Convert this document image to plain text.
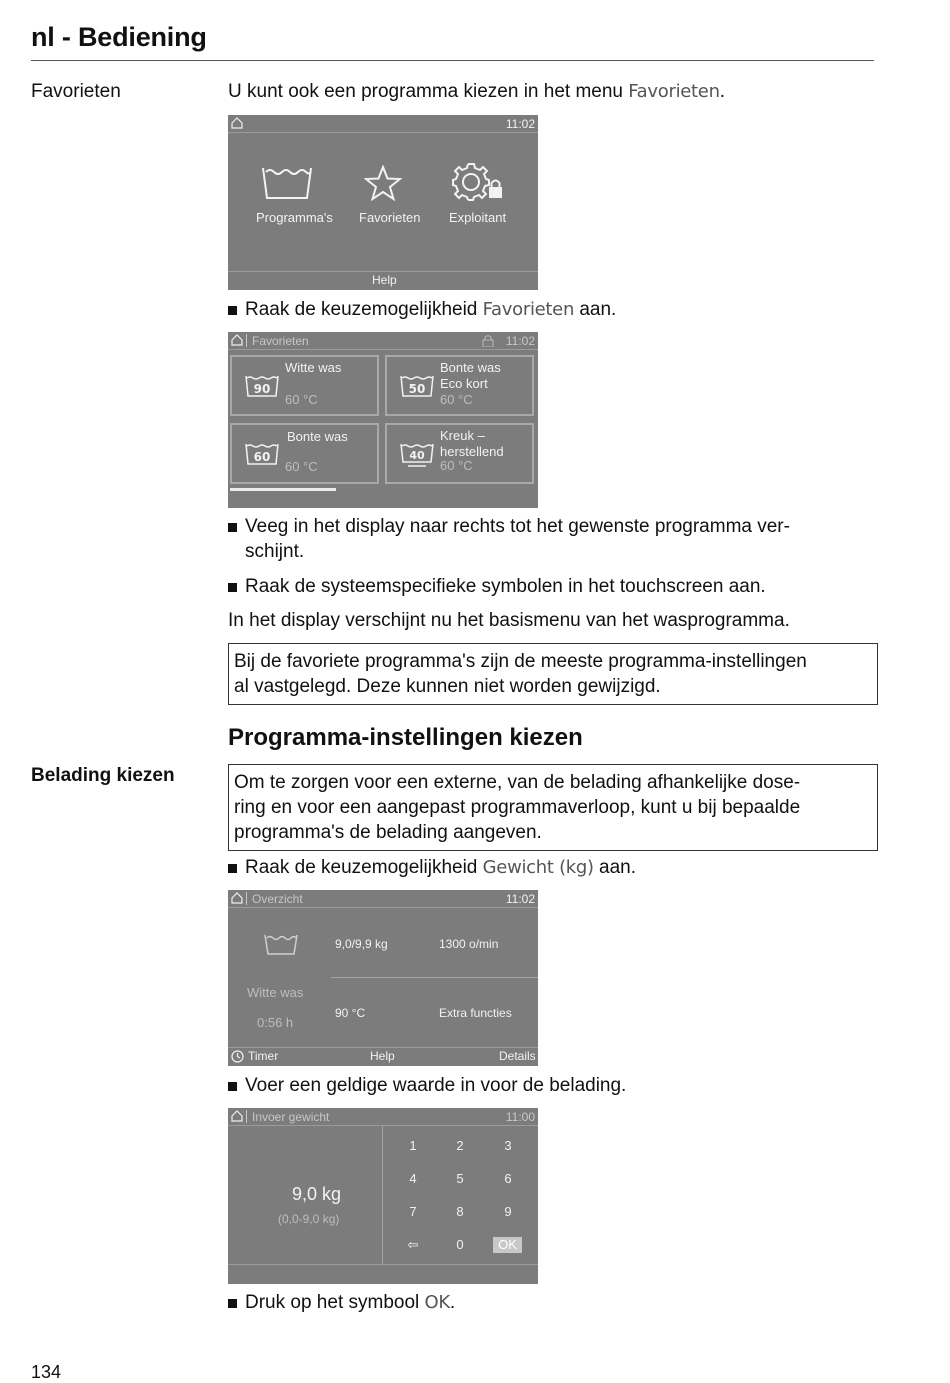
nl - Bediening
Favorieten	U kunt ook een programma kiezen in het menu Favorieten.
11:02
Programma's Favorieten Exploitant
Help
Raak de keuzemogelijkheid Favorieten aan.
Favorieten	11:02
90
Witte was
60 °C
50
Bonte was
Eco kort
60 °C
60
Bonte was
60 °C
40
Kreuk –
herstellend
60 °C
Veeg in het display naar rechts tot het gewenste programma ver-
schijnt.
Raak de systeemspecifieke symbolen in het touchscreen aan.
In het display verschijnt nu het basismenu van het wasprogramma.
Bij de favoriete programma's zijn de meeste programma-instellingen
al vastgelegd. Deze kunnen niet worden gewijzigd.
Programma-instellingen kiezen
Belading kiezen	Om te zorgen voor een externe, van de belading afhankelijke dose-
ring en voor een aangepast programmaverloop, kunt u bij bepaalde
programma's de belading aangeven.
Raak de keuzemogelijkheid Gewicht (kg) aan.
Overzicht	11:02
Witte was
0:56 h
9,0/9,9 kg	1300 o/min
90 °C	Extra functies
Timer	Help	Details
Voer een geldige waarde in voor de belading.
Invoer gewicht	11:00
9,0 kg
(0,0-9,0 kg)
1	2	3
4	5	6
7	8	9
⇦	0	OK
Druk op het symbool OK.
134
